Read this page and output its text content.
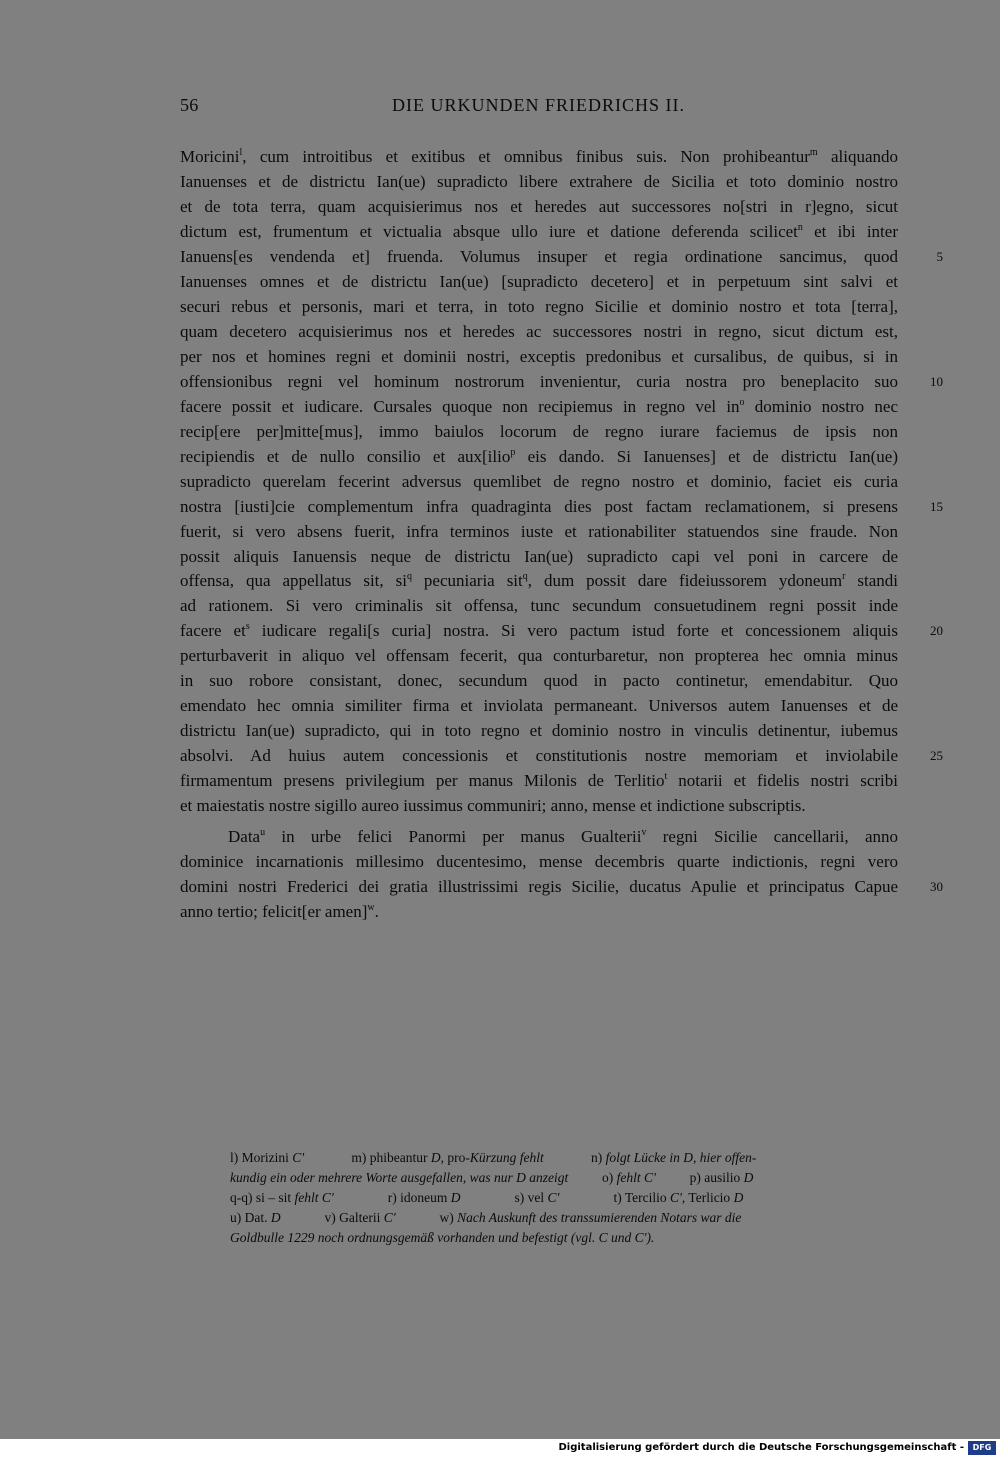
56	DIE URKUNDEN FRIEDRICHS II.
Moricini$^l$, cum introitibus et exitibus et omnibus finibus suis. Non prohibeantur$^m$ aliquando
Ianuenses et de districtu Ian(ue) supradicto libere extrahere de Sicilia et toto dominio nostro
et de tota terra, quam acquisierimus nos et heredes aut successores no[stri in r]egno, sicut
dictum est, frumentum et victualia absque ullo iure et datione deferenda scilicet$^n$ et ibi inter
Ianuens[es vendenda et] fruenda. Volumus insuper et regia ordinatione sancimus, quod
Ianuenses omnes et de districtu Ian(ue) [supradicto decetero] et in perpetuum sint salvi et
securi rebus et personis, mari et terra, in toto regno Sicilie et dominio nostro et tota [terra],
quam decetero acquisierimus nos et heredes ac successores nostri in regno, sicut dictum est,
per nos et homines regni et dominii nostri, exceptis predonibus et cursalibus, de quibus, si in
offensionibus regni vel hominum nostrorum invenientur, curia nostra pro beneplacito suo
facere possit et iudicare. Cursales quoque non recipiemus in regno vel $in^o$ dominio nostro nec
recip[ere per]mitte[mus], immo baiulos locorum de regno iurare faciemus de ipsis non
recipiendis et de nullo consilio et aux[ilio$^p$ eis dando. Si Ianuenses] et de districtu Ian(ue)
supradicto querelam fecerint adversus quemlibet de regno nostro et dominio, faciet eis curia
nostra [iusti]cie complementum infra quadraginta dies post factam reclamationem, si presens
fuerit, si vero absens fuerit, infra terminos iuste et rationabiliter statuendos sine fraude. Non
possit aliquis Ianuensis neque de districtu Ian(ue) supradicto capi vel poni in carcere de
offensa, qua appellatus sit, $si^q$ pecuniaria sit$^q$, dum possit dare fideiussorem ydoneum$^r$ standi
ad rationem. Si vero criminalis sit offensa, tunc secundum consuetudinem regni possit inde
facere $et^s$ iudicare regali[s curia] nostra. Si vero pactum istud forte et concessionem aliquis
perturbaverit in aliquo vel offensam fecerit, qua conturbaretur, non propterea hec omnia minus
in suo robore consistant, donec, secundum quod in pacto continetur, emendabitur. Quo
emendato hec omnia similiter firma et inviolata permaneant. Universos autem Ianuenses et de
districtu Ian(ue) supradicto, qui in toto regno et dominio nostro in vinculis detinentur, iubemus
absolvi. Ad huius autem concessionis et constitutionis nostre memoriam et inviolabile
firmamentum presens privilegium per manus Milonis de Terlitio$^t$ notarii et fidelis nostri scribi
et maiestatis nostre sigillo aureo iussimus communiri; anno, mense et indictione subscriptis.
Data$^u$ in urbe felici Panormi per manus Gualterii$^v$ regni Sicilie cancellarii, anno
dominice incarnationis millesimo ducentesimo, mense decembris quarte indictionis, regni vero
domini nostri Frederici dei gratia illustrissimi regis Sicilie, ducatus Apulie et principatus Capue
anno tertio; felicit[er amen]$^w$.
5
10
15
20
25
30
l) Morizini C'              m) phibeantur D, pro-Kürzung fehlt              n) folgt Lücke in D, hier offen-
kundig ein oder mehrere Worte ausgefallen, was nur D anzeigt          o) fehlt C'          p) ausilio D
q-q) si – sit fehlt C'                r) idoneum D                s) vel C'                t) Tercilio C', Terlicio D
u) Dat. D             v) Galterii C'             w) Nach Auskunft des transsumierenden Notars war die
Goldbulle 1229 noch ordnungsgemäß vorhanden und befestigt (vgl. C und C').
Digitalisierung gefördert durch die Deutsche Forschungsgemeinschaft -	DFG
